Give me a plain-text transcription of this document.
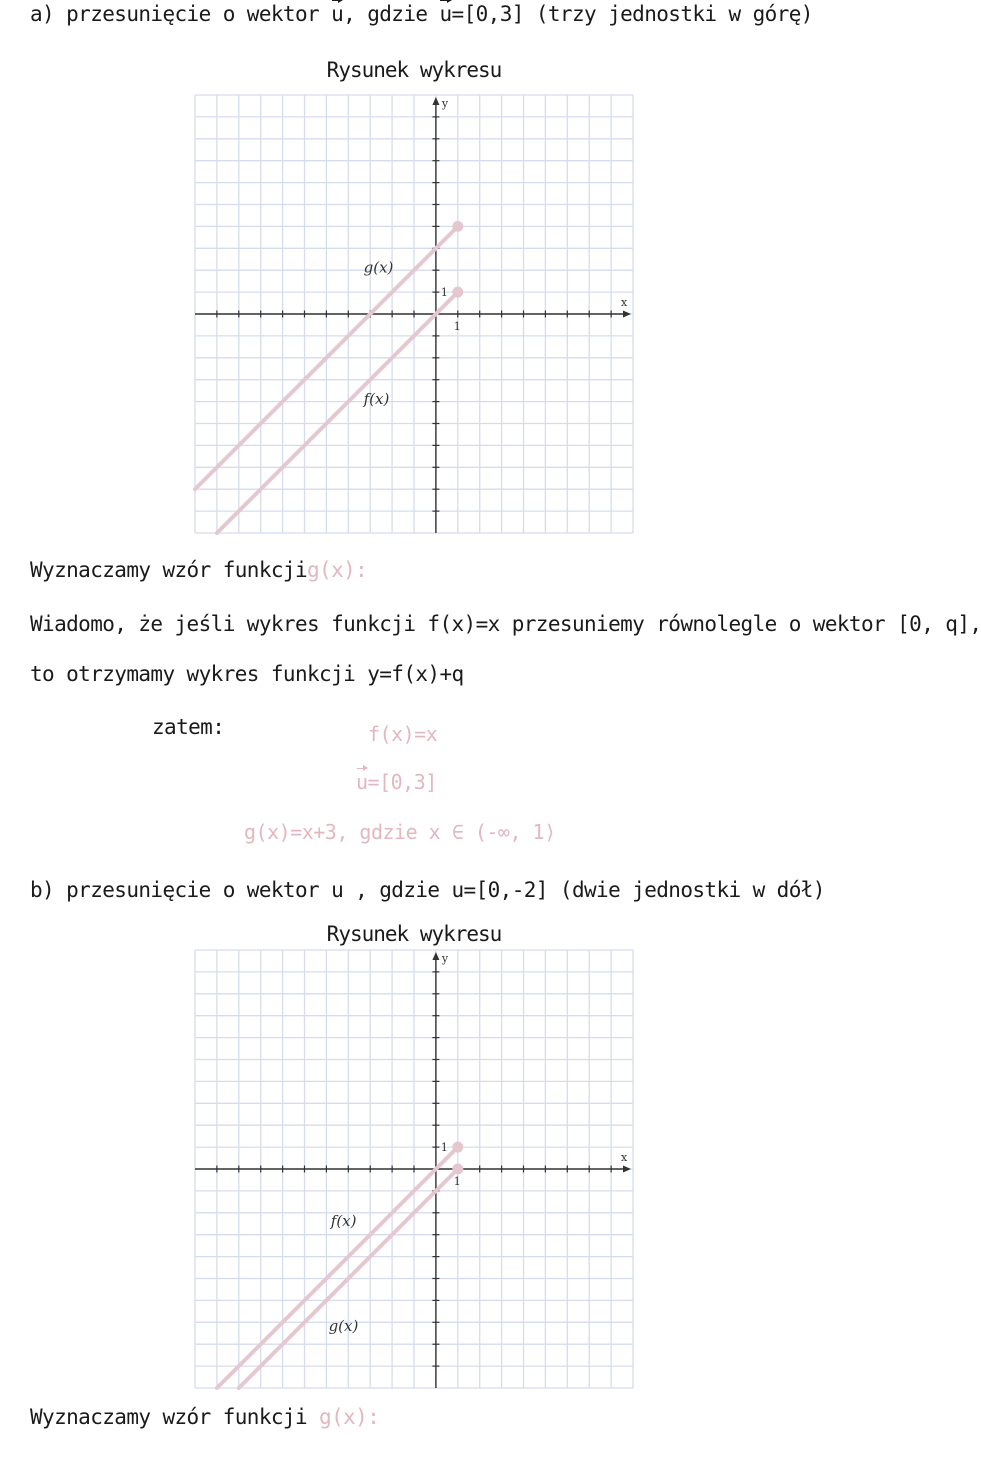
a) przesunięcie o wektor u, gdzie u=[0,3] (trzy jednostki w górę)
Rysunek wykresu
x
y
1
1
g(x)
f(x)
Wyznaczamy wzór funkcjig(x):
Wiadomo, że jeśli wykres funkcji f(x)=x przesuniemy równolegle o wektor [0, q],
to otrzymamy wykres funkcji y=f(x)+q
zatem:	f(x)=x
u=[0,3]
g(x)=x+3, gdzie x ∈ (-∞, 1⟩
b) przesunięcie o wektor u , gdzie u=[0,-2] (dwie jednostki w dół)
Rysunek wykresu
x
y
1
1
f(x)
g(x)
Wyznaczamy wzór funkcji g(x):
